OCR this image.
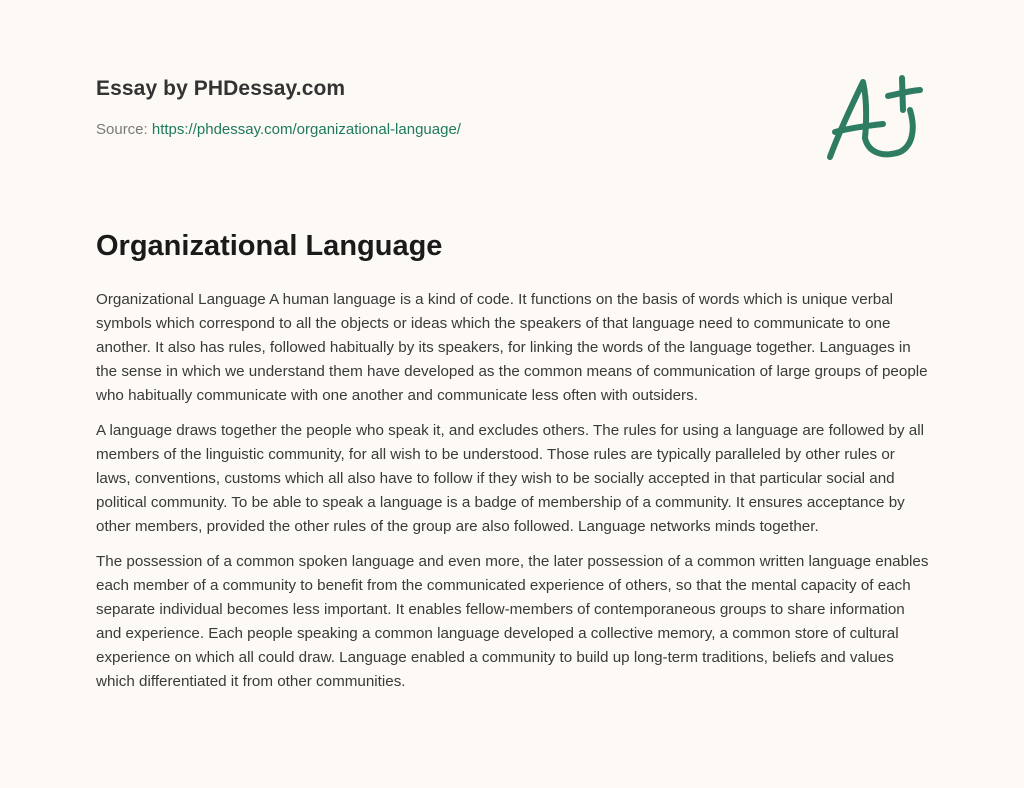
Essay by PHDessay.com
Source: https://phdessay.com/organizational-language/
Organizational Language

Organizational Language A human language is a kind of code. It functions on the basis of words which is unique verbal symbols which correspond to all the objects or ideas which the speakers of that language need to communicate to one another. It also has rules, followed habitually by its speakers, for linking the words of the language together. Languages in the sense in which we understand them have developed as the common means of communication of large groups of people who habitually communicate with one another and communicate less often with outsiders.

A language draws together the people who speak it, and excludes others. The rules for using a language are followed by all members of the linguistic community, for all wish to be understood. Those rules are typically paralleled by other rules or laws, conventions, customs which all also have to follow if they wish to be socially accepted in that particular social and political community. To be able to speak a language is a badge of membership of a community. It ensures acceptance by other members, provided the other rules of the group are also followed. Language networks minds together.

The possession of a common spoken language and even more, the later possession of a common written language enables each member of a community to benefit from the communicated experience of others, so that the mental capacity of each separate individual becomes less important. It enables fellow-members of contemporaneous groups to share information and experience. Each people speaking a common language developed a collective memory, a common store of cultural experience on which all could draw. Language enabled a community to build up long-term traditions, beliefs and values which differentiated it from other communities.
